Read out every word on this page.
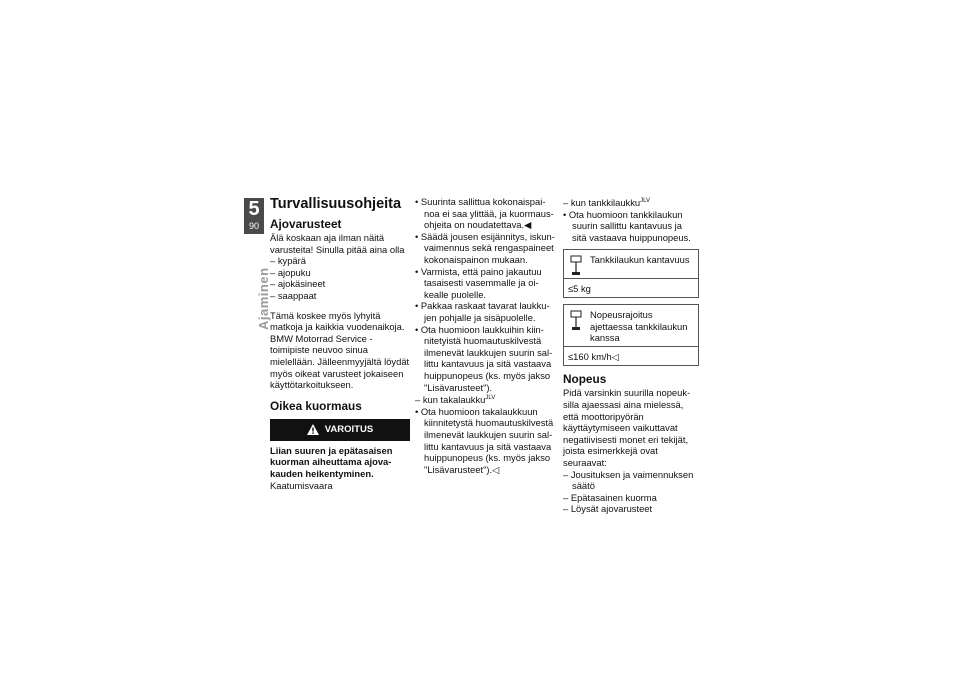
5
90
Ajaminen
Turvallisuusohjeita
Ajovarusteet

Älä koskaan aja ilman näitä varusteita! Sinulla pitää aina olla

– kypärä
– ajopuku
– ajokäsineet
– saappaat

Tämä koskee myös lyhyitä matkoja ja kaikkia vuodenaikoja. BMW Motorrad Service -toimipiste neuvoo sinua mielellään. Jälleenmyyjältä löydät myös oikeat varusteet jokaiseen käyttötarkoitukseen.

Oikea kuormaus
VAROITUS

Liian suuren ja epätasaisen kuorman aiheuttama ajovakauden heikentyminen.

Kaatumisvaara

• Suurinta sallittua kokonaispainoa ei saa ylittää, ja kuormausohjeita on noudatettava.◀
• Säädä jousen esijännitys, iskunvaimennus sekä rengaspaineet kokonaispainon mukaan.
• Varmista, että paino jakautuu tasaisesti vasemmalle ja oikealle puolelle.
• Pakkaa raskaat tavarat laukkujen pohjalle ja sisäpuolelle.
• Ota huomioon laukkuihin kiinnitetyistä huomautuskilvestä ilmenevät laukkujen suurin sallittu kantavuus ja sitä vastaava huippunopeus (ks. myös jakso "Lisävarusteet").
– kun takalaukku$^{JLV}$
• Ota huomioon takalaukkuun kiinnitetystä huomautuskilvestä ilmenevät laukkujen suurin sallittu kantavuus ja sitä vastaava huippunopeus (ks. myös jakso "Lisävarusteet").◁
– kun tankkilaukku$^{JLV}$
• Ota huomioon tankkilaukun suurin sallittu kantavuus ja sitä vastaava huippunopeus.
Tankkilaukun kantavuus
≤5 kg
Nopeusrajoitus ajettaessa tankkilaukun kanssa
≤160 km/h◁
Nopeus

Pidä varsinkin suurilla nopeuksilla ajaessasi aina mielessä, että moottoripyörän käyttäytymiseen vaikuttavat negatiivisesti monet eri tekijät, joista esimerkkejä ovat seuraavat:

– Jousituksen ja vaimennuksen säätö
– Epätasainen kuorma
– Löysät ajovarusteet
